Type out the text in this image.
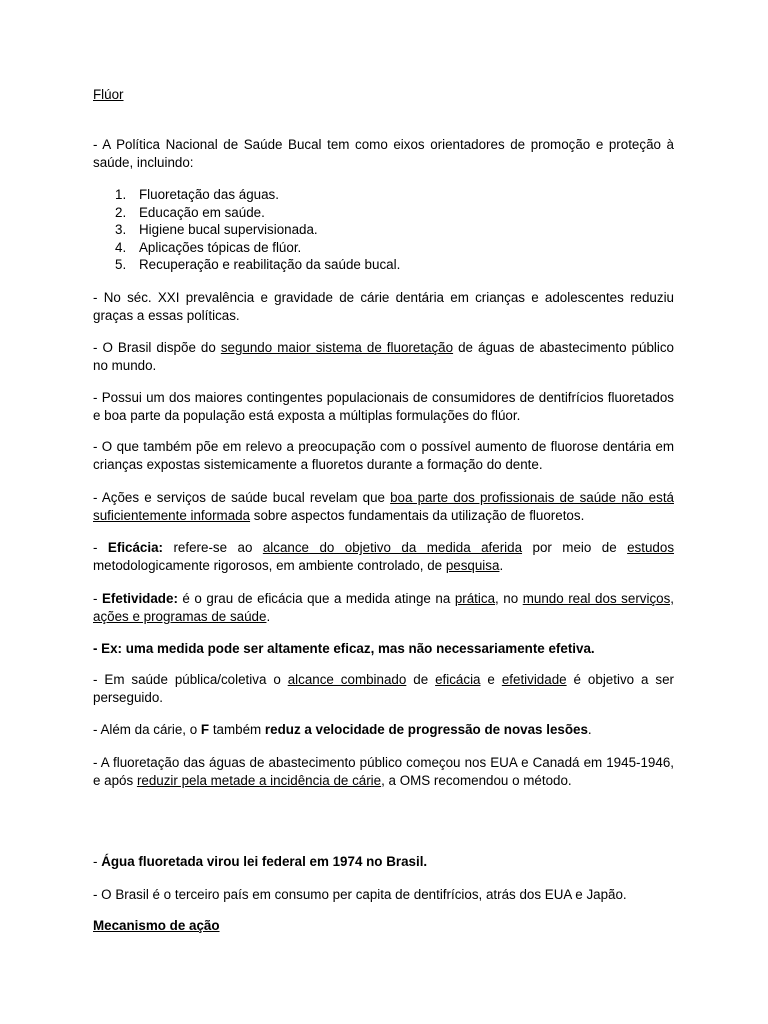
Flúor

- A Política Nacional de Saúde Bucal tem como eixos orientadores de promoção e proteção à saúde, incluindo:

1. Fluoretação das águas.
2. Educação em saúde.
3. Higiene bucal supervisionada.
4. Aplicações tópicas de flúor.
5. Recuperação e reabilitação da saúde bucal.

- No séc. XXI prevalência e gravidade de cárie dentária em crianças e adolescentes reduziu graças a essas políticas.

- O Brasil dispõe do segundo maior sistema de fluoretação de águas de abastecimento público no mundo.

- Possui um dos maiores contingentes populacionais de consumidores de dentifrícios fluoretados e boa parte da população está exposta a múltiplas formulações do flúor.

- O que também põe em relevo a preocupação com o possível aumento de fluorose dentária em crianças expostas sistemicamente a fluoretos durante a formação do dente.

- Ações e serviços de saúde bucal revelam que boa parte dos profissionais de saúde não está suficientemente informada sobre aspectos fundamentais da utilização de fluoretos.

- Eficácia: refere-se ao alcance do objetivo da medida aferida por meio de estudos metodologicamente rigorosos, em ambiente controlado, de pesquisa.

- Efetividade: é o grau de eficácia que a medida atinge na prática, no mundo real dos serviços, ações e programas de saúde.

- Ex: uma medida pode ser altamente eficaz, mas não necessariamente efetiva.

- Em saúde pública/coletiva o alcance combinado de eficácia e efetividade é objetivo a ser perseguido.

- Além da cárie, o F também reduz a velocidade de progressão de novas lesões.

- A fluoretação das águas de abastecimento público começou nos EUA e Canadá em 1945-1946, e após reduzir pela metade a incidência de cárie, a OMS recomendou o método.

- Água fluoretada virou lei federal em 1974 no Brasil.

- O Brasil é o terceiro país em consumo per capita de dentifrícios, atrás dos EUA e Japão.

Mecanismo de ação
